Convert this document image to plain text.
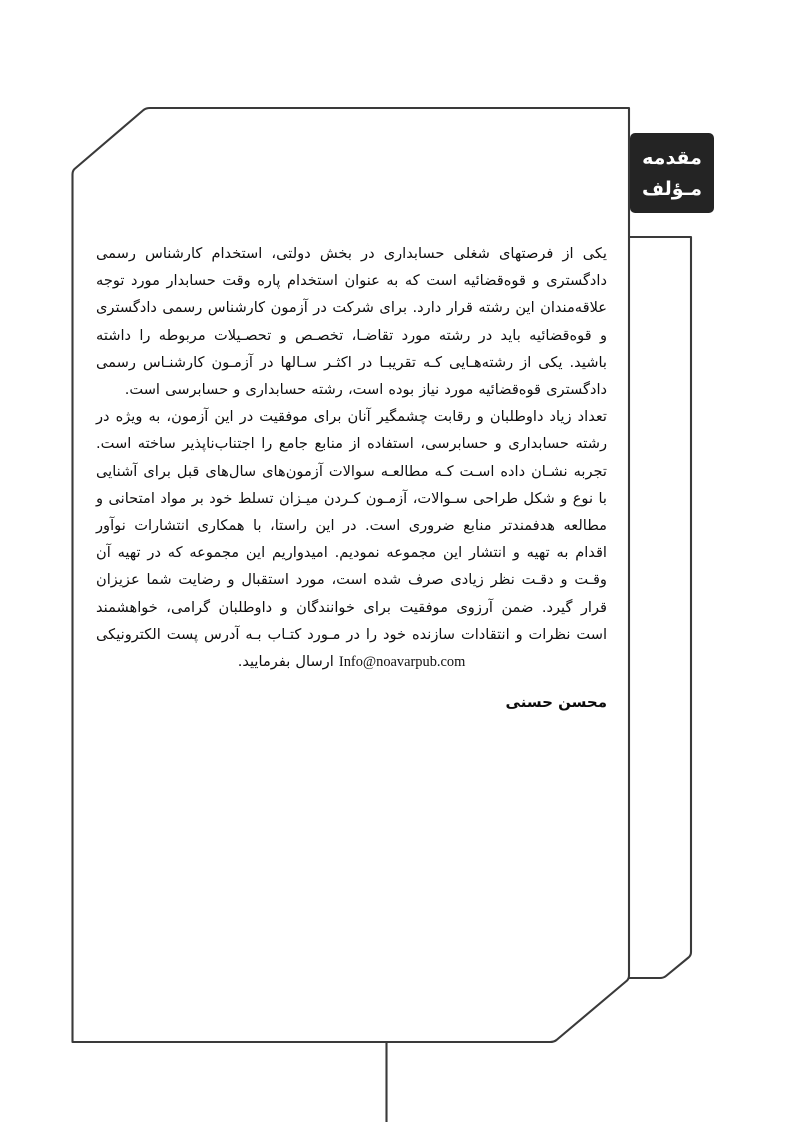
مقدمه
مـؤلف

یکی از فرصتهای شغلی حسابداری در بخش دولتی، استخدام کارشناس رسمی دادگستری و قوه‌قضائیه است که به عنوان استخدام پاره وقت حسابدار مورد توجه علاقه‌مندان این رشته قرار دارد. برای شرکت در آزمون کارشناس رسمی دادگستری و قوه‌قضائیه باید در رشته مورد تقاضـا، تخصـص و تحصـیلات مربوطه را داشته باشید. یکی از رشته‌هـایی کـه تقریبـا در اکثـر سـالها در آزمـون کارشنـاس رسمی دادگستری قوه‌قضائیه مورد نیاز بوده است، رشته حسابداری و حسابرسی است.

تعداد زیاد داوطلبان و رقابت چشمگیر آنان برای موفقیت در این آزمون، به ویژه در رشته حسابداری و حسابرسی، استفاده از منابع جامع را اجتناب‌ناپذیر ساخته است. تجربه نشـان داده اسـت کـه مطالعـه سوالات آزمون‌های سال‌های قبل برای آشنایی با نوع و شکل طراحی سـوالات، آزمـون کـردن میـزان تسلط خود بر مواد امتحانی و مطالعه هدفمندتر منابع ضروری است. در این راستا، با همکاری انتشارات نوآور اقدام به تهیه و انتشار این مجموعه نمودیم. امیدواریم این مجموعه که در تهیه آن وقـت و دقـت نظر زیادی صرف شده است، مورد استقبال و رضایت شما عزیزان قرار گیرد. ضمن آرزوی موفقیت برای خوانندگان و داوطلبان گرامی، خواهشمند است نظرات و انتقادات سازنده خود را در مـورد کتـاب بـه آدرس پست الکترونیکی Info@noavarpub.com ارسال بفرمایید.

محسن حسنی
